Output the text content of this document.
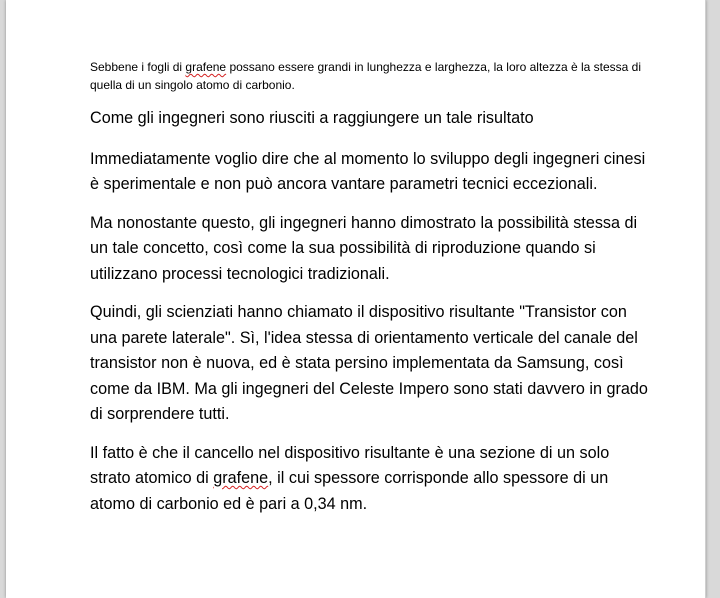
Sebbene i fogli di grafene possano essere grandi in lunghezza e larghezza, la loro altezza è la stessa di quella di un singolo atomo di carbonio.

Come gli ingegneri sono riusciti a raggiungere un tale risultato

Immediatamente voglio dire che al momento lo sviluppo degli ingegneri cinesi è sperimentale e non può ancora vantare parametri tecnici eccezionali.

Ma nonostante questo, gli ingegneri hanno dimostrato la possibilità stessa di un tale concetto, così come la sua possibilità di riproduzione quando si utilizzano processi tecnologici tradizionali.

Quindi, gli scienziati hanno chiamato il dispositivo risultante "Transistor con una parete laterale". Sì, l'idea stessa di orientamento verticale del canale del transistor non è nuova, ed è stata persino implementata da Samsung, così come da IBM. Ma gli ingegneri del Celeste Impero sono stati davvero in grado di sorprendere tutti.

Il fatto è che il cancello nel dispositivo risultante è una sezione di un solo strato atomico di grafene, il cui spessore corrisponde allo spessore di un atomo di carbonio ed è pari a 0,34 nm.
